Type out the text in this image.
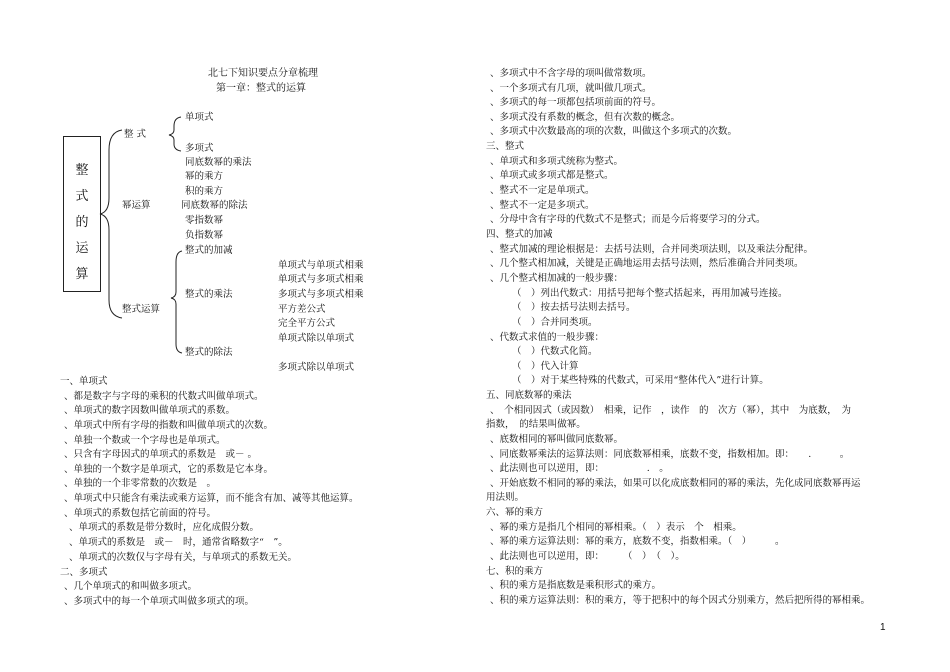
北七下知识要点分章梳理
第一章：整式的运算
整
式
的
运
算
整 式
单项式
多项式
同底数幂的乘法
幂的乘方
积的乘方
幂运算	同底数幂的除法
零指数幂
负指数幂
整式的加减
单项式与单项式相乘
单项式与多项式相乘
整式的乘法	多项式与多项式相乘
整式运算	平方差公式
完全平方公式
单项式除以单项式
整式的除法
多项式除以单项式
一、单项式
、都是数字与字母的乘积的代数式叫做单项式。
、单项式的数字因数叫做单项式的系数。
、单项式中所有字母的指数和叫做单项式的次数。
、单独一个数或一个字母也是单项式。
、只含有字母因式的单项式的系数是　或－ 。
、单独的一个数字是单项式，它的系数是它本身。
、单独的一个非零常数的次数是　。
、单项式中只能含有乘法或乘方运算，而不能含有加、减等其他运算。
、单项式的系数包括它前面的符号。
、单项式的系数是带分数时，应化成假分数。
、单项式的系数是　或－　时，通常省略数字“　”。
、单项式的次数仅与字母有关，与单项式的系数无关。
二、多项式
、几个单项式的和叫做多项式。
、多项式中的每一个单项式叫做多项式的项。
、多项式中不含字母的项叫做常数项。
、一个多项式有几项，就叫做几项式。
、多项式的每一项都包括项前面的符号。
、多项式没有系数的概念，但有次数的概念。
、多项式中次数最高的项的次数，叫做这个多项式的次数。
三、整式
、单项式和多项式统称为整式。
、单项式或多项式都是整式。
、整式不一定是单项式。
、整式不一定是多项式。
、分母中含有字母的代数式不是整式；而是今后将要学习的分式。
四、整式的加减
、整式加减的理论根据是：去括号法则，合并同类项法则，以及乘法分配律。
、几个整式相加减，关键是正确地运用去括号法则，然后准确合并同类项。
、几个整式相加减的一般步骤：
（　）列出代数式：用括号把每个整式括起来，再用加减号连接。
（　）按去括号法则去括号。
（　）合并同类项。
、代数式求值的一般步骤：
（　）代数式化简。
（　）代入计算
（　）对于某些特殊的代数式，可采用“整体代入”进行计算。
五、同底数幂的乘法
、　个相同因式（或因数）　相乘，记作　，读作　的　次方（幂），其中　为底数，　为
指数，　的结果叫做幂。
、底数相同的幂叫做同底数幂。
、同底数幂乘法的运算法则：同底数幂相乘，底数不变，指数相加。即：　　.　　　。
、此法则也可以逆用，即：　　　　　.　。
、开始底数不相同的幂的乘法，如果可以化成底数相同的幂的乘法，先化成同底数幂再运
用法则。
六、幂的乘方
、幂的乘方是指几个相同的幂相乘。（　）表示　个　相乘。
、幂的乘方运算法则：幂的乘方，底数不变，指数相乘。（　）　　　。
、此法则也可以逆用，即：　　　（　）　（　）。
七、积的乘方
、积的乘方是指底数是乘积形式的乘方。
、积的乘方运算法则：积的乘方，等于把积中的每个因式分别乘方，然后把所得的幂相乘。
1
